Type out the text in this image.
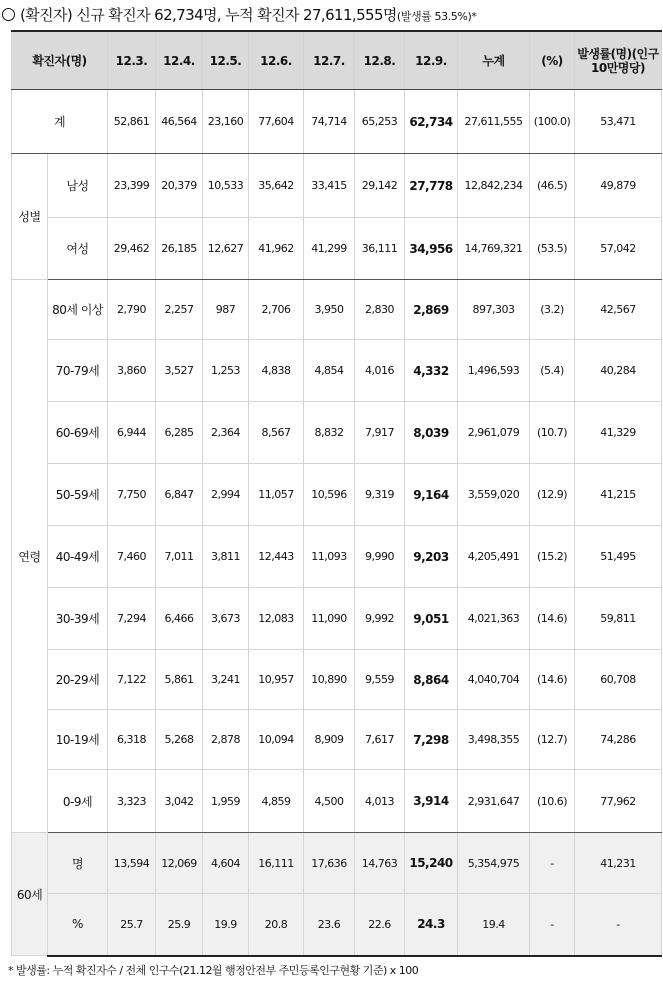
(확진자) 신규 확진자 62,734명, 누적 확진자 27,611,555명(발생률 53.5%)*
확진자(명)		12.3.	12.4.	12.5.	12.6.	12.7.	12.8.	12.9.	누계	(%)	발생률(명)(인구 10만명당)
계		52,861	46,564	23,160	77,604	74,714	65,253	62,734	27,611,555	(100.0)	53,471
성별	남성	23,399	20,379	10,533	35,642	33,415	29,142	27,778	12,842,234	(46.5)	49,879
	여성	29,462	26,185	12,627	41,962	41,299	36,111	34,956	14,769,321	(53.5)	57,042
연령	80세 이상	2,790	2,257	987	2,706	3,950	2,830	2,869	897,303	(3.2)	42,567
	70-79세	3,860	3,527	1,253	4,838	4,854	4,016	4,332	1,496,593	(5.4)	40,284
	60-69세	6,944	6,285	2,364	8,567	8,832	7,917	8,039	2,961,079	(10.7)	41,329
	50-59세	7,750	6,847	2,994	11,057	10,596	9,319	9,164	3,559,020	(12.9)	41,215
	40-49세	7,460	7,011	3,811	12,443	11,093	9,990	9,203	4,205,491	(15.2)	51,495
	30-39세	7,294	6,466	3,673	12,083	11,090	9,992	9,051	4,021,363	(14.6)	59,811
	20-29세	7,122	5,861	3,241	10,957	10,890	9,559	8,864	4,040,704	(14.6)	60,708
	10-19세	6,318	5,268	2,878	10,094	8,909	7,617	7,298	3,498,355	(12.7)	74,286
	0-9세	3,323	3,042	1,959	4,859	4,500	4,013	3,914	2,931,647	(10.6)	77,962
60세	명	13,594	12,069	4,604	16,111	17,636	14,763	15,240	5,354,975	-	41,231
	%	25.7	25.9	19.9	20.8	23.6	22.6	24.3	19.4	-	-
* 발생률: 누적 확진자수 / 전체 인구수(21.12월 행정안전부 주민등록인구현황 기준) x 100
